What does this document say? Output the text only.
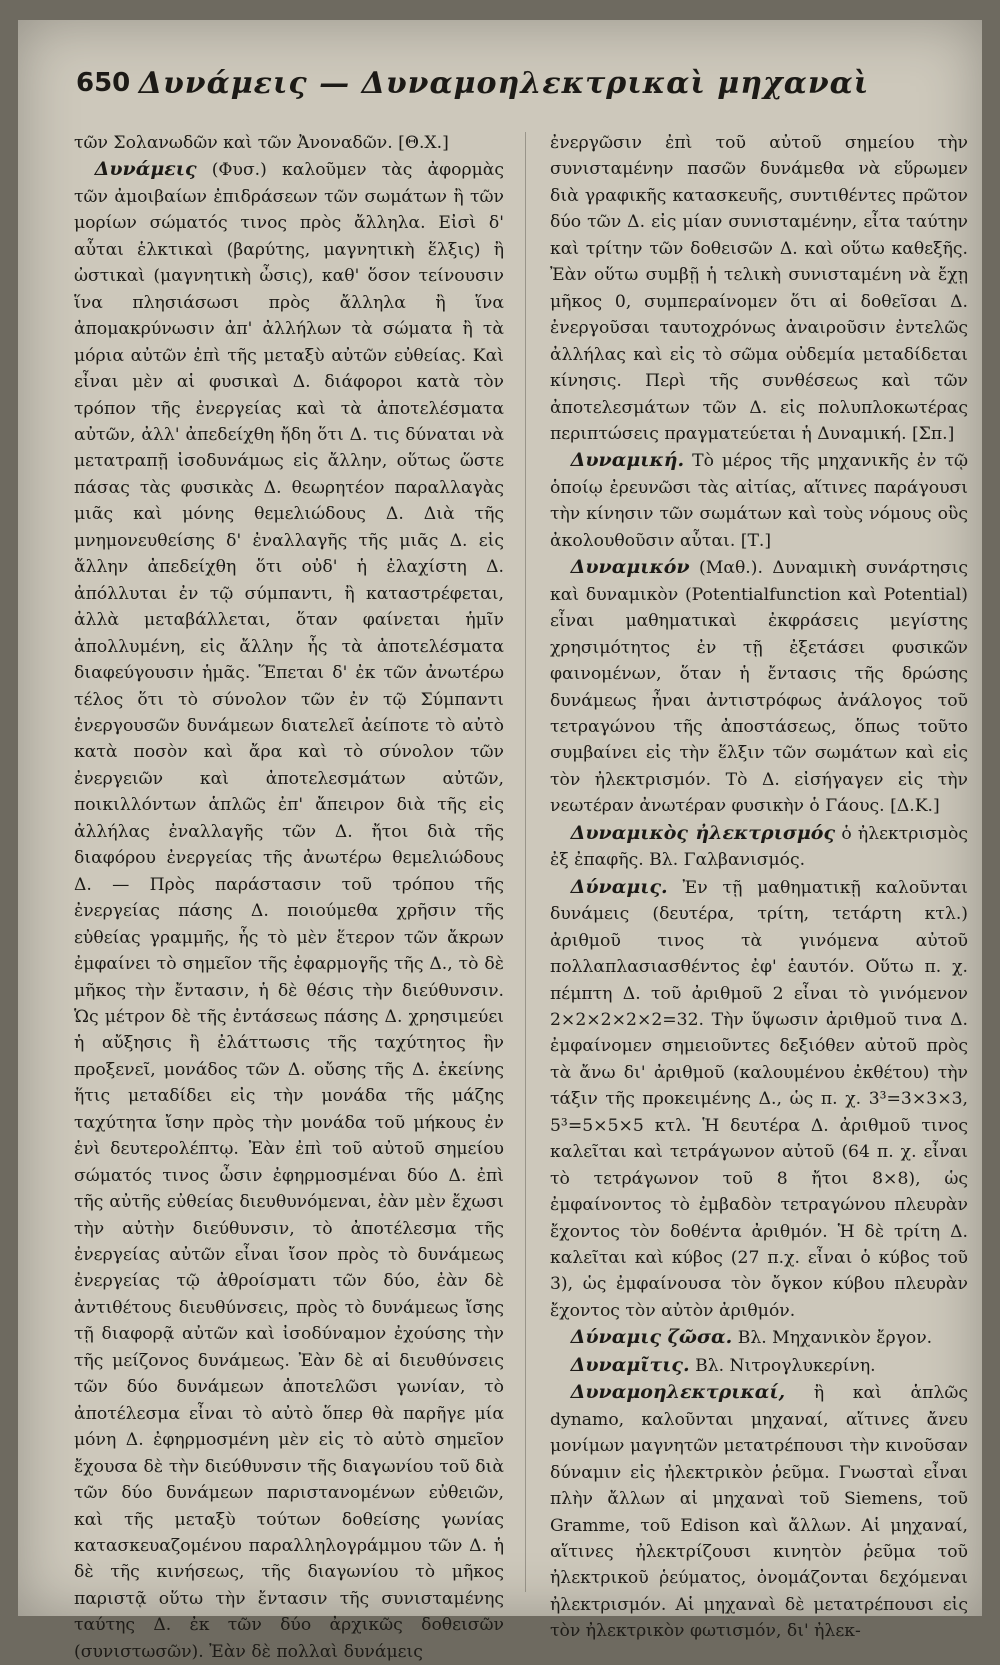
650 Δυνάμεις — Δυναμοηλεκτρικαὶ μηχαναὶ

τῶν Σολανωδῶν καὶ τῶν Ἀνοναδῶν. [Θ.Χ.]

Δυνάμεις (Φυσ.) καλοῦμεν τὰς ἀφορμὰς τῶν ἀμοιβαίων ἐπιδράσεων τῶν σωμάτων ἢ τῶν μορίων σώματός τινος πρὸς ἄλληλα. Εἰσὶ δ' αὗται ἑλκτικαὶ (βαρύτης, μαγνητικὴ ἕλξις) ἢ ὠστικαὶ (μαγνητικὴ ὦσις), καθ' ὅσον τείνουσιν ἵνα πλησιάσωσι πρὸς ἄλληλα ἢ ἵνα ἀπομακρύνωσιν ἀπ' ἀλλήλων τὰ σώματα ἢ τὰ μόρια αὐτῶν ἐπὶ τῆς μεταξὺ αὐτῶν εὐθείας. Καὶ εἶναι μὲν αἱ φυσικαὶ Δ. διάφοροι κατὰ τὸν τρόπον τῆς ἐνεργείας καὶ τὰ ἀποτελέσματα αὐτῶν, ἀλλ' ἀπεδείχθη ἤδη ὅτι Δ. τις δύναται νὰ μετατραπῇ ἰσοδυνάμως εἰς ἄλλην, οὕτως ὥστε πάσας τὰς φυσικὰς Δ. θεωρητέον παραλλαγὰς μιᾶς καὶ μόνης θεμελιώδους Δ. Διὰ τῆς μνημονευθείσης δ' ἐναλλαγῆς τῆς μιᾶς Δ. εἰς ἄλλην ἀπεδείχθη ὅτι οὐδ' ἡ ἐλαχίστη Δ. ἀπόλλυται ἐν τῷ σύμπαντι, ἢ καταστρέφεται, ἀλλὰ μεταβάλλεται, ὅταν φαίνεται ἡμῖν ἀπολλυμένη, εἰς ἄλλην ἧς τὰ ἀποτελέσματα διαφεύγουσιν ἡμᾶς. Ἕπεται δ' ἐκ τῶν ἀνωτέρω τέλος ὅτι τὸ σύνολον τῶν ἐν τῷ Σύμπαντι ἐνεργουσῶν δυνάμεων διατελεῖ ἀείποτε τὸ αὐτὸ κατὰ ποσὸν καὶ ἄρα καὶ τὸ σύνολον τῶν ἐνεργειῶν καὶ ἀποτελεσμάτων αὐτῶν, ποικιλλόντων ἁπλῶς ἐπ' ἄπειρον διὰ τῆς εἰς ἀλλήλας ἐναλλαγῆς τῶν Δ. ἤτοι διὰ τῆς διαφόρου ἐνεργείας τῆς ἀνωτέρω θεμελιώδους Δ. — Πρὸς παράστασιν τοῦ τρόπου τῆς ἐνεργείας πάσης Δ. ποιούμεθα χρῆσιν τῆς εὐθείας γραμμῆς, ἧς τὸ μὲν ἕτερον τῶν ἄκρων ἐμφαίνει τὸ σημεῖον τῆς ἐφαρμογῆς τῆς Δ., τὸ δὲ μῆκος τὴν ἔντασιν, ἡ δὲ θέσις τὴν διεύθυνσιν. Ὡς μέτρον δὲ τῆς ἐντάσεως πάσης Δ. χρησιμεύει ἡ αὔξησις ἢ ἐλάττωσις τῆς ταχύτητος ἣν προξενεῖ, μονάδος τῶν Δ. οὔσης τῆς Δ. ἐκείνης ἥτις μεταδίδει εἰς τὴν μονάδα τῆς μάζης ταχύτητα ἴσην πρὸς τὴν μονάδα τοῦ μήκους ἐν ἑνὶ δευτερολέπτῳ. Ἐὰν ἐπὶ τοῦ αὐτοῦ σημείου σώματός τινος ὦσιν ἐφηρμοσμέναι δύο Δ. ἐπὶ τῆς αὐτῆς εὐθείας διευθυνόμεναι, ἐὰν μὲν ἔχωσι τὴν αὐτὴν διεύθυνσιν, τὸ ἀποτέλεσμα τῆς ἐνεργείας αὐτῶν εἶναι ἴσον πρὸς τὸ δυνάμεως ἐνεργείας τῷ ἀθροίσματι τῶν δύο, ἐὰν δὲ ἀντιθέτους διευθύνσεις, πρὸς τὸ δυνάμεως ἴσης τῇ διαφορᾷ αὐτῶν καὶ ἰσοδύναμον ἐχούσης τὴν τῆς μείζονος δυνάμεως. Ἐὰν δὲ αἱ διευθύνσεις τῶν δύο δυνάμεων ἀποτελῶσι γωνίαν, τὸ ἀποτέλεσμα εἶναι τὸ αὐτὸ ὅπερ θὰ παρῆγε μία μόνη Δ. ἐφηρμοσμένη μὲν εἰς τὸ αὐτὸ σημεῖον ἔχουσα δὲ τὴν διεύθυνσιν τῆς διαγωνίου τοῦ διὰ τῶν δύο δυνάμεων παριστανομένων εὐθειῶν, καὶ τῆς μεταξὺ τούτων δοθείσης γωνίας κατασκευαζομένου παραλληλογράμμου τῶν Δ. ἡ δὲ τῆς κινήσεως, τῆς διαγωνίου τὸ μῆκος παριστᾷ οὕτω τὴν ἔντασιν τῆς συνισταμένης ταύτης Δ. ἐκ τῶν δύο ἀρχικῶς δοθεισῶν (συνιστωσῶν). Ἐὰν δὲ πολλαὶ δυνάμεις

ἐνεργῶσιν ἐπὶ τοῦ αὐτοῦ σημείου τὴν συνισταμένην πασῶν δυνάμεθα νὰ εὕρωμεν διὰ γραφικῆς κατασκευῆς, συντιθέντες πρῶτον δύο τῶν Δ. εἰς μίαν συνισταμένην, εἶτα ταύτην καὶ τρίτην τῶν δοθεισῶν Δ. καὶ οὕτω καθεξῆς. Ἐὰν οὕτω συμβῇ ἡ τελικὴ συνισταμένη νὰ ἔχῃ μῆκος 0, συμπεραίνομεν ὅτι αἱ δοθεῖσαι Δ. ἐνεργοῦσαι ταυτοχρόνως ἀναιροῦσιν ἐντελῶς ἀλλήλας καὶ εἰς τὸ σῶμα οὐδεμία μεταδίδεται κίνησις. Περὶ τῆς συνθέσεως καὶ τῶν ἀποτελεσμάτων τῶν Δ. εἰς πολυπλοκωτέρας περιπτώσεις πραγματεύεται ἡ Δυναμική. [Σπ.]

Δυναμική. Τὸ μέρος τῆς μηχανικῆς ἐν τῷ ὁποίῳ ἐρευνῶσι τὰς αἰτίας, αἵτινες παράγουσι τὴν κίνησιν τῶν σωμάτων καὶ τοὺς νόμους οὓς ἀκολουθοῦσιν αὗται. [Τ.]

Δυναμικόν (Μαθ.). Δυναμικὴ συνάρτησις καὶ δυναμικὸν (Potentialfunction καὶ Potential) εἶναι μαθηματικαὶ ἐκφράσεις μεγίστης χρησιμότητος ἐν τῇ ἐξετάσει φυσικῶν φαινομένων, ὅταν ἡ ἔντασις τῆς δρώσης δυνάμεως ἦναι ἀντιστρόφως ἀνάλογος τοῦ τετραγώνου τῆς ἀποστάσεως, ὅπως τοῦτο συμβαίνει εἰς τὴν ἕλξιν τῶν σωμάτων καὶ εἰς τὸν ἠλεκτρισμόν. Τὸ Δ. εἰσήγαγεν εἰς τὴν νεωτέραν ἀνωτέραν φυσικὴν ὁ Γάους. [Δ.Κ.]

Δυναμικὸς ἠλεκτρισμός ὁ ἠλεκτρισμὸς ἐξ ἐπαφῆς. Βλ. Γαλβανισμός.

Δύναμις. Ἐν τῇ μαθηματικῇ καλοῦνται δυνάμεις (δευτέρα, τρίτη, τετάρτη κτλ.) ἀριθμοῦ τινος τὰ γινόμενα αὐτοῦ πολλαπλασιασθέντος ἐφ' ἑαυτόν. Οὕτω π. χ. πέμπτη Δ. τοῦ ἀριθμοῦ 2 εἶναι τὸ γινόμενον 2×2×2×2×2=32. Τὴν ὕψωσιν ἀριθμοῦ τινα Δ. ἐμφαίνομεν σημειοῦντες δεξιόθεν αὐτοῦ πρὸς τὰ ἄνω δι' ἀριθμοῦ (καλουμένου ἐκθέτου) τὴν τάξιν τῆς προκειμένης Δ., ὡς π. χ. 3³=3×3×3, 5³=5×5×5 κτλ. Ἡ δευτέρα Δ. ἀριθμοῦ τινος καλεῖται καὶ τετράγωνον αὐτοῦ (64 π. χ. εἶναι τὸ τετράγωνον τοῦ 8 ἤτοι 8×8), ὡς ἐμφαίνοντος τὸ ἐμβαδὸν τετραγώνου πλευρὰν ἔχοντος τὸν δοθέντα ἀριθμόν. Ἡ δὲ τρίτη Δ. καλεῖται καὶ κύβος (27 π.χ. εἶναι ὁ κύβος τοῦ 3), ὡς ἐμφαίνουσα τὸν ὄγκον κύβου πλευρὰν ἔχοντος τὸν αὐτὸν ἀριθμόν.

Δύναμις ζῶσα. Βλ. Μηχανικὸν ἔργον.

Δυναμῖτις. Βλ. Νιτρογλυκερίνη.

Δυναμοηλεκτρικαί, ἢ καὶ ἁπλῶς dynamo, καλοῦνται μηχαναί, αἵτινες ἄνευ μονίμων μαγνητῶν μετατρέπουσι τὴν κινοῦσαν δύναμιν εἰς ἠλεκτρικὸν ῥεῦμα. Γνωσταὶ εἶναι πλὴν ἄλλων αἱ μηχαναὶ τοῦ Siemens, τοῦ Gramme, τοῦ Edison καὶ ἄλλων. Αἱ μηχαναί, αἵτινες ἠλεκτρίζουσι κινητὸν ῥεῦμα τοῦ ἠλεκτρικοῦ ῥεύματος, ὀνομάζονται δεχόμεναι ἠλεκτρισμόν. Αἱ μηχαναὶ δὲ μετατρέπουσι εἰς τὸν ἠλεκτρικὸν φωτισμόν, δι' ἠλεκ-
